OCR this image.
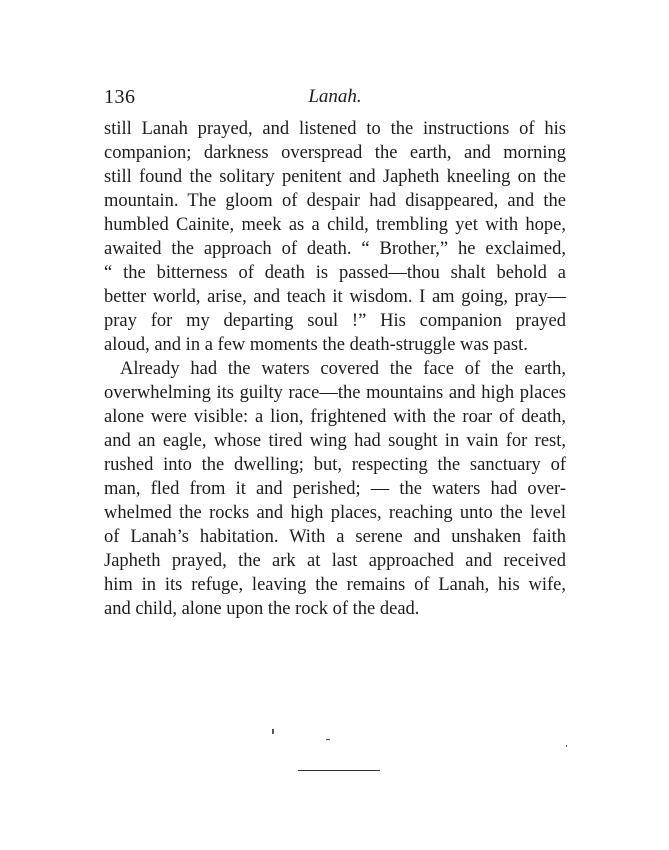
136	Lanah.
still Lanah prayed, and listened to the instructions of his
companion; darkness overspread the earth, and morning
still found the solitary penitent and Japheth kneeling on the
mountain. The gloom of despair had disappeared, and the
humbled Cainite, meek as a child, trembling yet with hope,
awaited the approach of death. “ Brother,” he exclaimed,
“ the bitterness of death is passed—thou shalt behold a
better world, arise, and teach it wisdom. I am going, pray—
pray for my departing soul !” His companion prayed
aloud, and in a few moments the death-struggle was past.
Already had the waters covered the face of the earth,
overwhelming its guilty race—the mountains and high places
alone were visible: a lion, frightened with the roar of death,
and an eagle, whose tired wing had sought in vain for rest,
rushed into the dwelling; but, respecting the sanctuary of
man, fled from it and perished; — the waters had over-
whelmed the rocks and high places, reaching unto the level
of Lanah’s habitation. With a serene and unshaken faith
Japheth prayed, the ark at last approached and received
him in its refuge, leaving the remains of Lanah, his wife,
and child, alone upon the rock of the dead.
